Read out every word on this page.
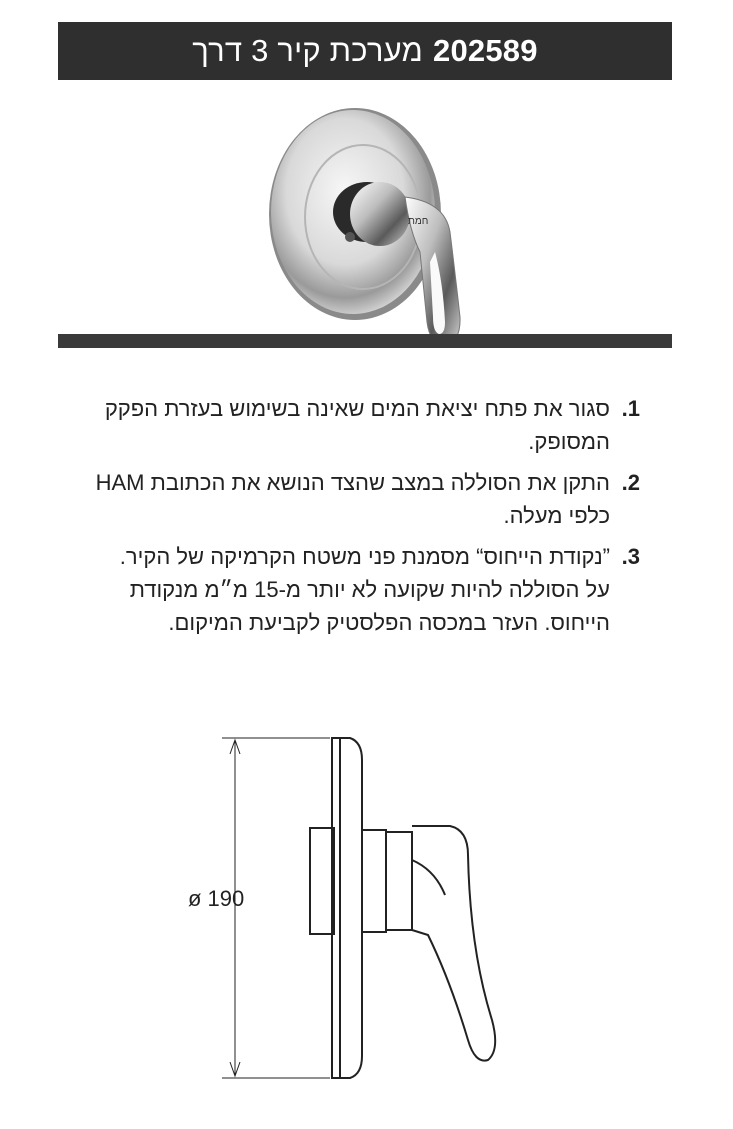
202589
מערכת קיר 3 דרך
חמת
1.
סגור את פתח יציאת המים שאינה בשימוש בעזרת הפקק המסופק.
2.
התקן את הסוללה במצב שהצד הנושא את הכתובת HAM כלפי מעלה.
3.
”נקודת הייחוס“ מסמנת פני משטח הקרמיקה של הקיר. על הסוללה להיות שקועה לא יותר מ-15 מ״מ מנקודת הייחוס. העזר במכסה הפלסטיק לקביעת המיקום.
ø 190
